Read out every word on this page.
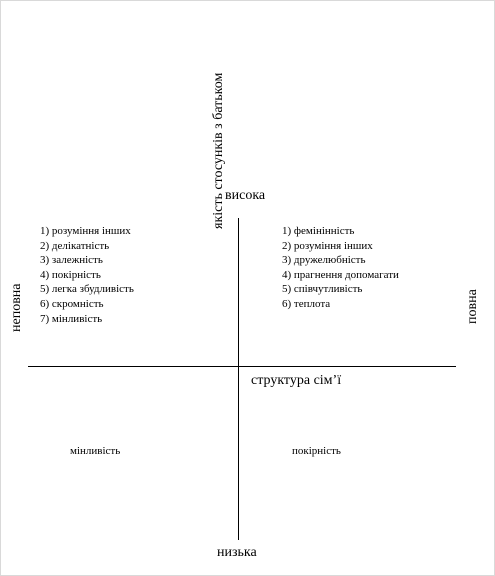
якість стосунків з батьком висока
низька
структура сім’ї
неповна	повна
1) розуміння інших
2) делікатність
3) залежність
4) покірність
5) легка збудливість
6) скромність
7) мінливість
1) фемінінність
2) розуміння інших
3) дружелюбність
4) прагнення допомагати
5) співчутливість
6) теплота
мінливість	покірність
